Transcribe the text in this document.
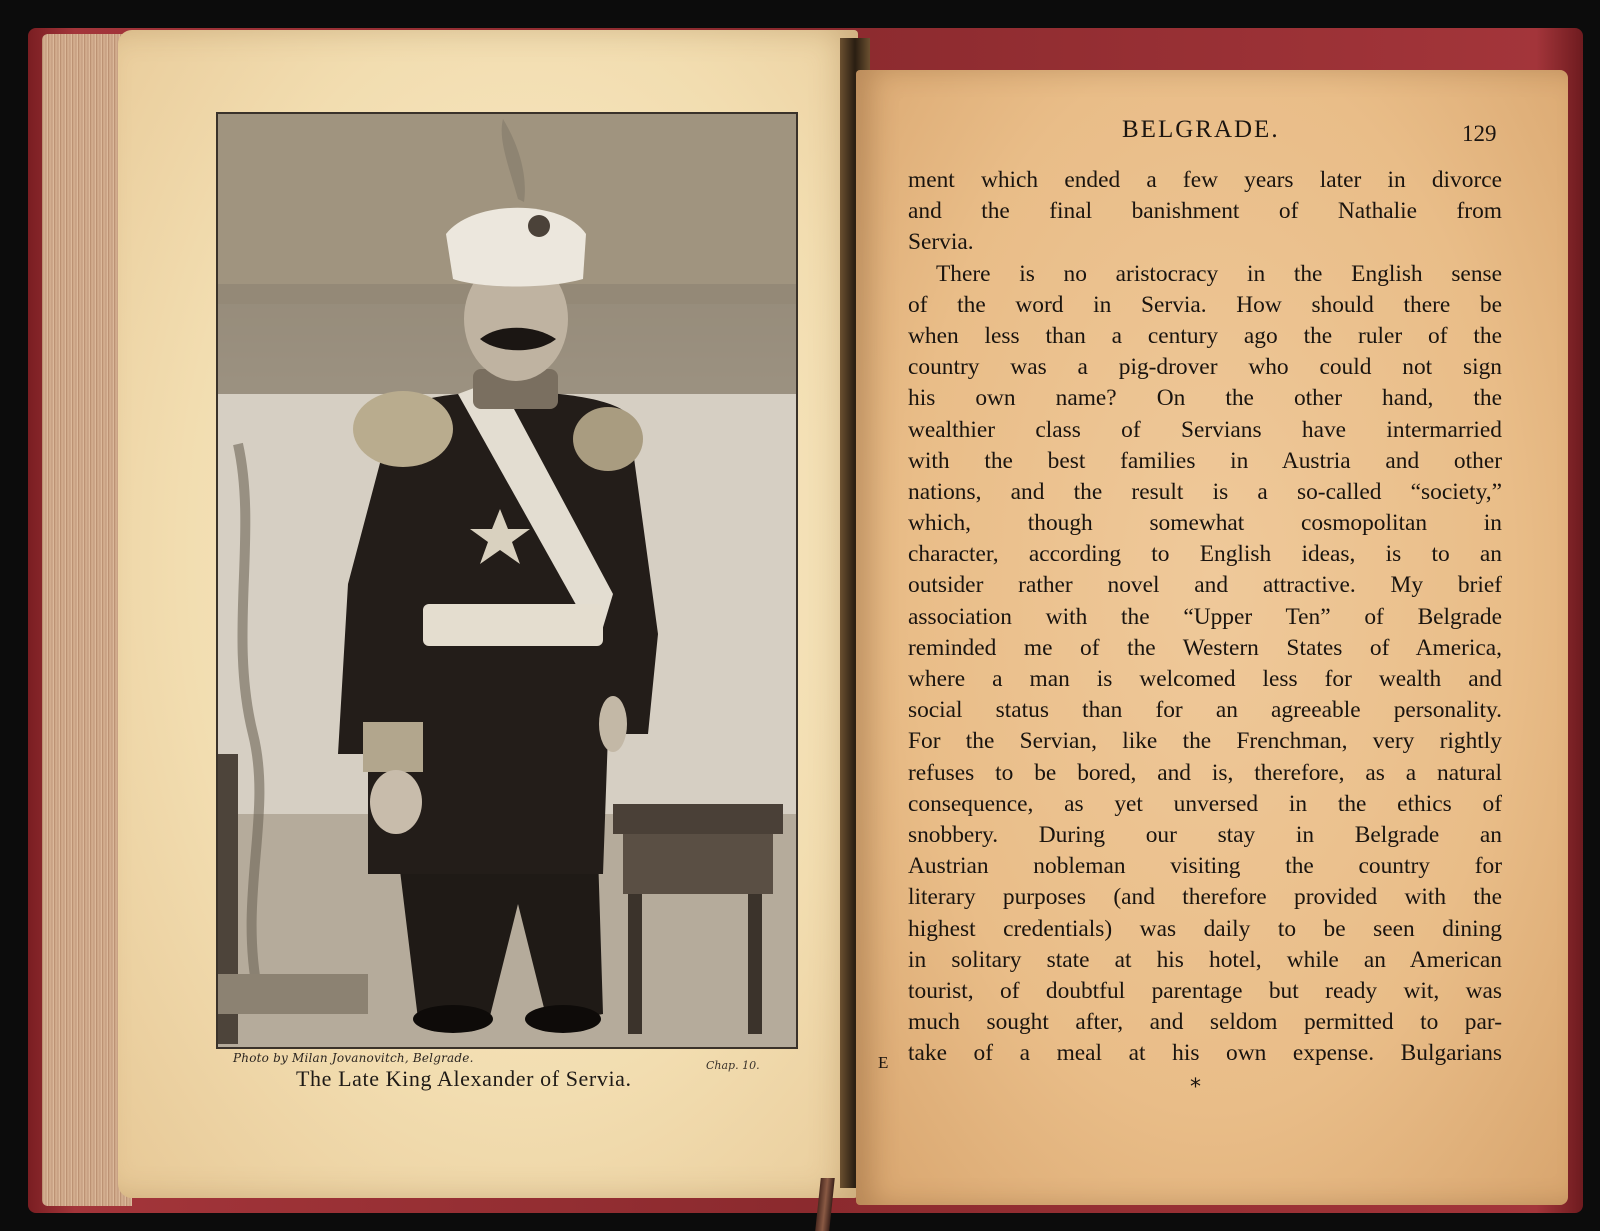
Photo by Milan Jovanovitch, Belgrade.
Chap. 10.
The Late King Alexander of Servia.
BELGRADE.	129
ment which ended a few years later in divorce
and the final banishment of Nathalie from
Servia.
There is no aristocracy in the English sense
of the word in Servia. How should there be
when less than a century ago the ruler of the
country was a pig-drover who could not sign
his own name? On the other hand, the
wealthier class of Servians have intermarried
with the best families in Austria and other
nations, and the result is a so-called “society,”
which, though somewhat cosmopolitan in
character, according to English ideas, is to an
outsider rather novel and attractive. My brief
association with the “Upper Ten” of Belgrade
reminded me of the Western States of America,
where a man is welcomed less for wealth and
social status than for an agreeable personality.
For the Servian, like the Frenchman, very rightly
refuses to be bored, and is, therefore, as a natural
consequence, as yet unversed in the ethics of
snobbery. During our stay in Belgrade an
Austrian nobleman visiting the country for
literary purposes (and therefore provided with the
highest credentials) was daily to be seen dining
in solitary state at his hotel, while an American
tourist, of doubtful parentage but ready wit, was
much sought after, and seldom permitted to par-
take of a meal at his own expense. Bulgarians
E
*
